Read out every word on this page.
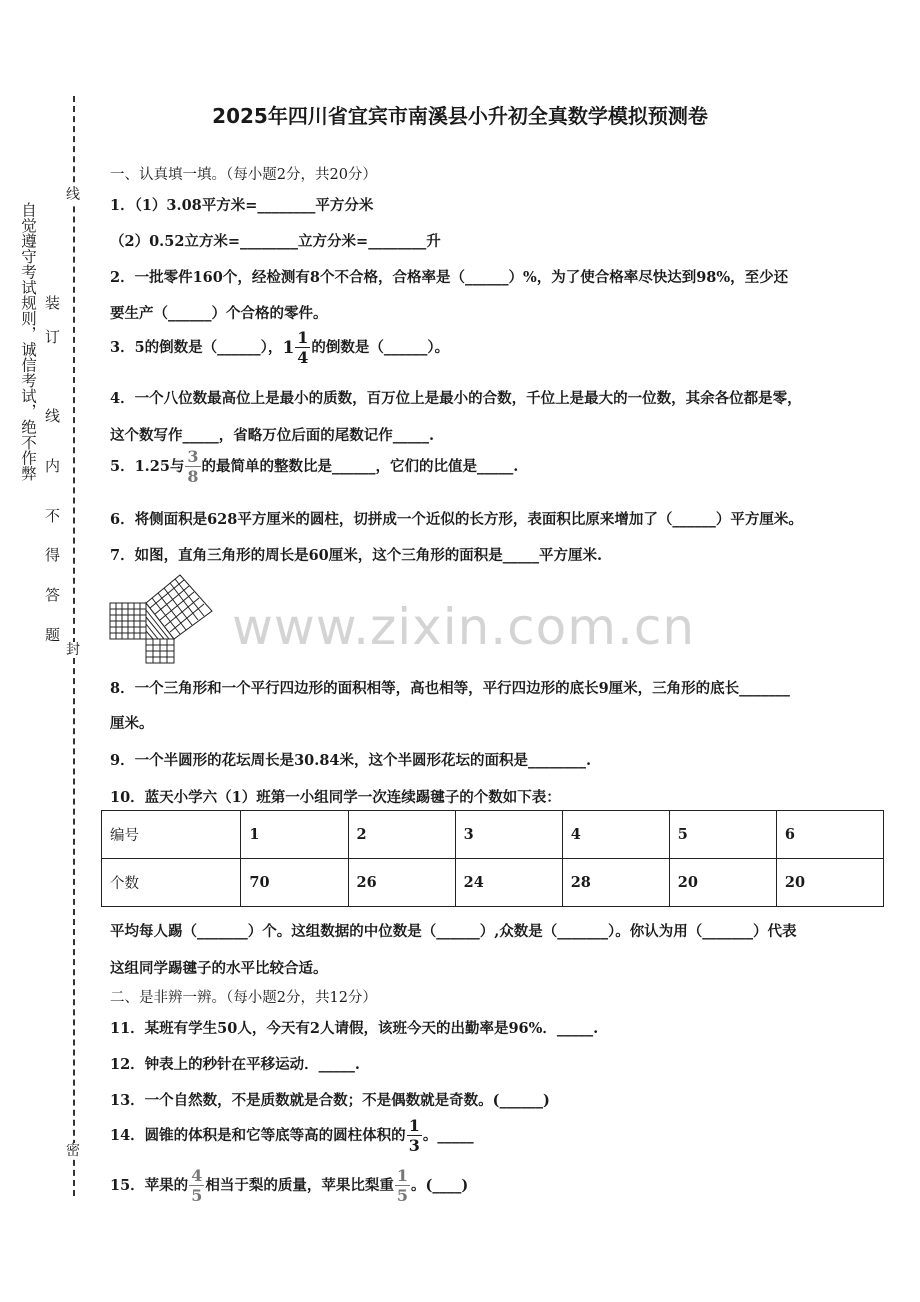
线
封
密
装
订
线
内
不
得
答
题
自觉遵守考试规则，诚信考试，绝不作弊
2025年四川省宜宾市南溪县小升初全真数学模拟预测卷
一、认真填一填。（每小题2分，共20分）
1．（1）3.08平方米=________平方分米
（2）0.52立方米=________立方分米=________升
2．一批零件160个，经检测有8个不合格，合格率是（______）%，为了使合格率尽快达到98%，至少还
要生产（______）个合格的零件。
3．5的倒数是（______），$1 \frac{1}{4}$ 的倒数是（______）。
4．一个八位数最高位上是最小的质数，百万位上是最小的合数，千位上是最大的一位数，其余各位都是零，
这个数写作_____，省略万位后面的尾数记作_____.
5．1.25与 $\frac{3}{8}$ 的最简单的整数比是______，它们的比值是_____.
6．将侧面积是628平方厘米的圆柱，切拼成一个近似的长方形，表面积比原来增加了（______）平方厘米。
7．如图，直角三角形的周长是60厘米，这个三角形的面积是_____平方厘米.
www.zixin.com.cn
8．一个三角形和一个平行四边形的面积相等，高也相等，平行四边形的底长9厘米，三角形的底长_______
厘米。
9．一个半圆形的花坛周长是30.84米，这个半圆形花坛的面积是________.
10．蓝天小学六（1）班第一小组同学一次连续踢毽子的个数如下表：
编号	1	2	3	4	5	6
个数	70	26	24	28	20	20
平均每人踢（_______）个。这组数据的中位数是（______）,众数是（_______）。你认为用（_______）代表
这组同学踢毽子的水平比较合适。
二、是非辨一辨。（每小题2分，共12分）
11．某班有学生50人，今天有2人请假，该班今天的出勤率是96%．_____.
12．钟表上的秒针在平移运动．_____.
13．一个自然数，不是质数就是合数；不是偶数就是奇数。(______)
14．圆锥的体积是和它等底等高的圆柱体积的 $\frac{1}{3}$ 。_____
15．苹果的 $\frac{4}{5}$ 相当于梨的质量，苹果比梨重 $\frac{1}{5}$ 。(____)
